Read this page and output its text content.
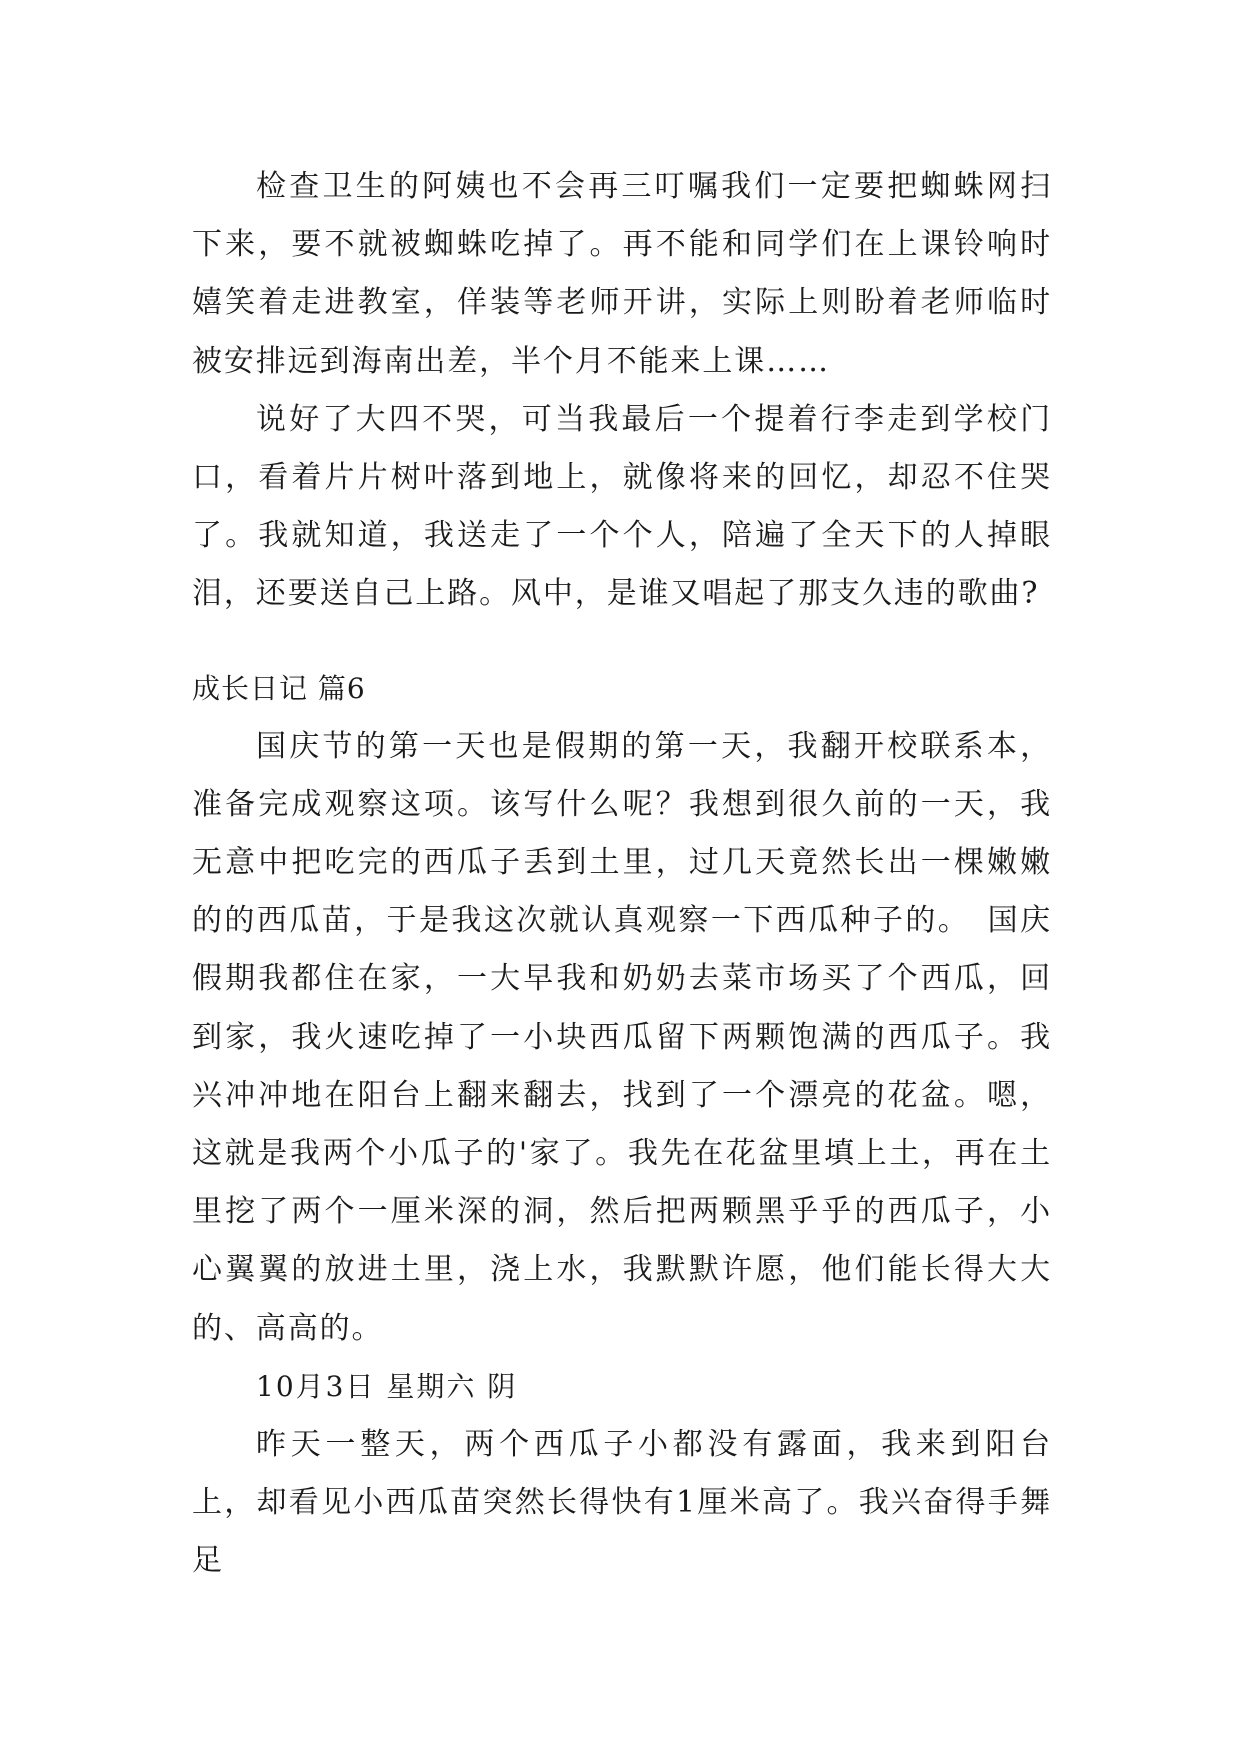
检查卫生的阿姨也不会再三叮嘱我们一定要把蜘蛛网扫下来，要不就被蜘蛛吃掉了。再不能和同学们在上课铃响时嬉笑着走进教室，佯装等老师开讲，实际上则盼着老师临时被安排远到海南出差，半个月不能来上课……

说好了大四不哭，可当我最后一个提着行李走到学校门口，看着片片树叶落到地上，就像将来的回忆，却忍不住哭了。我就知道，我送走了一个个人，陪遍了全天下的人掉眼泪，还要送自己上路。风中，是谁又唱起了那支久违的歌曲?

成长日记 篇6

国庆节的第一天也是假期的第一天，我翻开校联系本，准备完成观察这项。该写什么呢？我想到很久前的一天，我无意中把吃完的西瓜子丢到土里，过几天竟然长出一棵嫩嫩的的西瓜苗，于是我这次就认真观察一下西瓜种子的。　国庆假期我都住在家，一大早我和奶奶去菜市场买了个西瓜，回到家，我火速吃掉了一小块西瓜留下两颗饱满的西瓜子。我兴冲冲地在阳台上翻来翻去，找到了一个漂亮的花盆。嗯，这就是我两个小瓜子的'家了。我先在花盆里填上土，再在土里挖了两个一厘米深的洞，然后把两颗黑乎乎的西瓜子，小心翼翼的放进土里，浇上水，我默默许愿，他们能长得大大的、高高的。

10月3日 星期六 阴

昨天一整天，两个西瓜子小都没有露面，我来到阳台上，却看见小西瓜苗突然长得快有1厘米高了。我兴奋得手舞足
